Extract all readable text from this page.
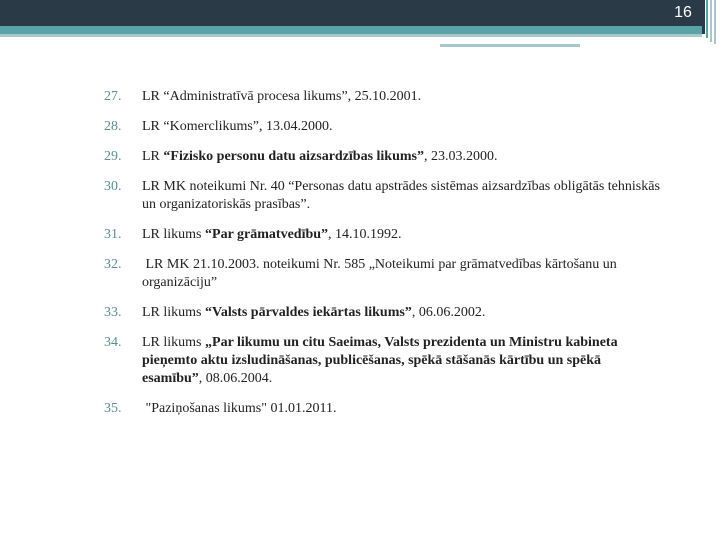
16
27.	LR “Administratīvā procesa likums”, 25.10.2001.
28.	LR “Komerclikums”, 13.04.2000.
29.	LR “Fizisko personu datu aizsardzības likums”, 23.03.2000.
30.	LR MK noteikumi Nr. 40 “Personas datu apstrādes sistēmas aizsardzības obligātās tehniskās un organizatoriskās prasības”.
31.	LR likums “Par grāmatvedību”, 14.10.1992.
32.	LR MK 21.10.2003. noteikumi Nr. 585 „Noteikumi par grāmatvedības kārtošanu un organizāciju”
33.	LR likums “Valsts pārvaldes iekārtas likums”, 06.06.2002.
34.	LR likums „Par likumu un citu Saeimas, Valsts prezidenta un Ministru kabineta pieņemto aktu izsludināšanas, publicēšanas, spēkā stāšanās kārtību un spēkā esamību”, 08.06.2004.
35.	"Paziņošanas likums" 01.01.2011.
